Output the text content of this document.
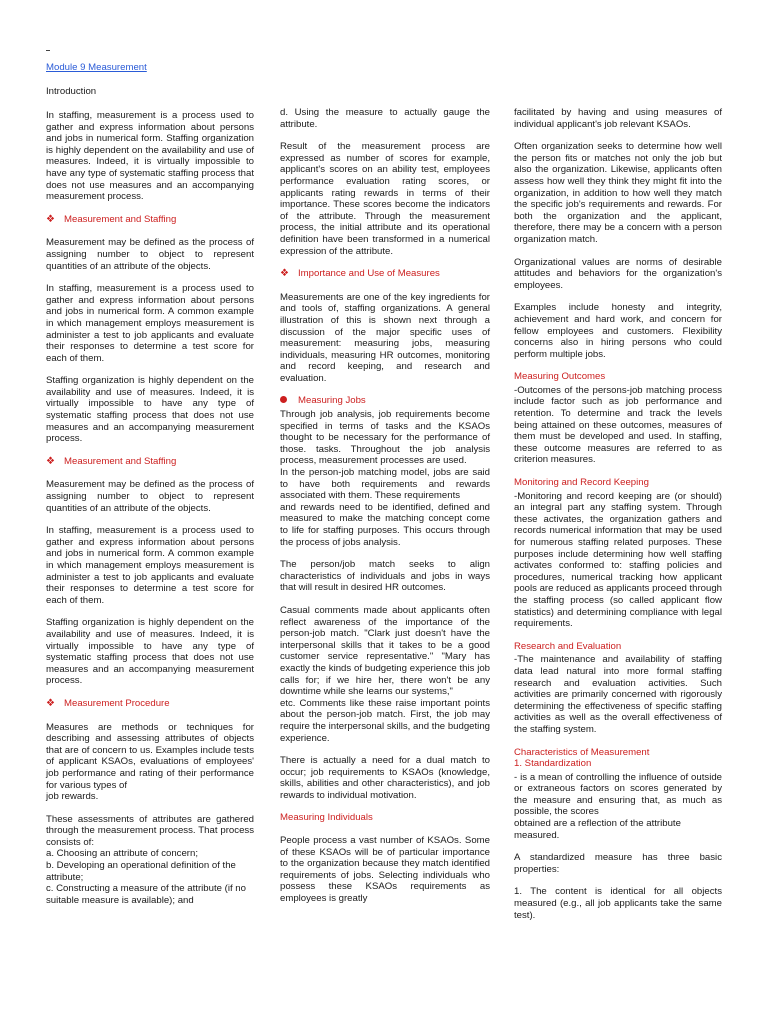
Module 9 Measurement
Introduction

In staffing, measurement is a process used to gather and express information about persons and jobs in numerical form. Staffing organization is highly dependent on the availability and use of measures. Indeed, it is virtually impossible to have any type of systematic staffing process that does not use measures and an accompanying measurement process.

❖ Measurement and Staffing

Measurement may be defined as the process of assigning number to object to represent quantities of an attribute of the objects.

In staffing, measurement is a process used to gather and express information about persons and jobs in numerical form. A common example in which management employs measurement is administer a test to job applicants and evaluate their responses to determine a test score for each of them.

Staffing organization is highly dependent on the availability and use of measures. Indeed, it is virtually impossible to have any type of systematic staffing process that does not use measures and an accompanying measurement process.

❖ Measurement and Staffing

Measurement may be defined as the process of assigning number to object to represent quantities of an attribute of the objects.

In staffing, measurement is a process used to gather and express information about persons and jobs in numerical form. A common example in which management employs measurement is administer a test to job applicants and evaluate their responses to determine a test score for each of them.

Staffing organization is highly dependent on the availability and use of measures. Indeed, it is virtually impossible to have any type of systematic staffing process that does not use measures and an accompanying measurement process.

❖ Measurement Procedure

Measures are methods or techniques for describing and assessing attributes of objects that are of concern to us. Examples include tests of applicant KSAOs, evaluations of employees' job performance and rating of their performance for various types of

job rewards.

These assessments of attributes are gathered through the measurement process. That process consists of:

a. Choosing an attribute of concern;

b. Developing an operational definition of the attribute;

c. Constructing a measure of the attribute (if no suitable measure is available); and

d. Using the measure to actually gauge the attribute.

Result of the measurement process are expressed as number of scores for example, applicant's scores on an ability test, employees performance evaluation rating scores, or applicants rating rewards in terms of their importance. These scores become the indicators of the attribute. Through the measurement process, the initial attribute and its operational definition have been transformed in a numerical expression of the attribute.

❖ Importance and Use of Measures

Measurements are one of the key ingredients for and tools of, staffing organizations. A general illustration of this is shown next through a discussion of the major specific uses of measurement: measuring jobs, measuring individuals, measuring HR outcomes, monitoring and record keeping, and research and evaluation.

Measuring Jobs

Through job analysis, job requirements become specified in terms of tasks and the KSAOs thought to be necessary for the performance of those. tasks. Throughout the job analysis process, measurement processes are used.

In the person-job matching model, jobs are said to have both requirements and rewards associated with them. These requirements

and rewards need to be identified, defined and measured to make the matching concept come to life for staffing purposes. This occurs through the process of jobs analysis.

The person/job match seeks to align characteristics of individuals and jobs in ways that will result in desired HR outcomes.

Casual comments made about applicants often reflect awareness of the importance of the person-job match. "Clark just doesn't have the interpersonal skills that it takes to be a good customer service representative." "Mary has exactly the kinds of budgeting experience this job calls for; if we hire her, there won't be any downtime while she learns our systems,"

etc. Comments like these raise important points about the person-job match. First, the job may require the interpersonal skills, and the budgeting experience.

There is actually a need for a dual match to occur; job requirements to KSAOs (knowledge, skills, abilities and other characteristics), and job rewards to individual motivation.

Measuring Individuals

People process a vast number of KSAOs. Some of these KSAOs will be of particular importance to the organization because they match identified requirements of jobs. Selecting individuals who possess these KSAOs requirements as employees is greatly

facilitated by having and using measures of individual applicant's job relevant KSAOs.

Often organization seeks to determine how well the person fits or matches not only the job but also the organization. Likewise, applicants often assess how well they think they might fit into the organization, in addition to how well they match the specific job's requirements and rewards. For both the organization and the applicant, therefore, there may be a concern with a person organization match.

Organizational values are norms of desirable attitudes and behaviors for the organization's employees.

Examples include honesty and integrity, achievement and hard work, and concern for fellow employees and customers. Flexibility concerns also in hiring persons who could perform multiple jobs.

Measuring Outcomes

-Outcomes of the persons-job matching process include factor such as job performance and retention. To determine and track the levels being attained on these outcomes, measures of them must be developed and used. In staffing, these outcome measures are referred to as criterion measures.

Monitoring and Record Keeping

-Monitoring and record keeping are (or should) an integral part any staffing system. Through these activates, the organization gathers and records numerical information that may be used for numerous staffing related purposes. These purposes include determining how well staffing activates conformed to: staffing policies and procedures, numerical tracking how applicant pools are reduced as applicants proceed through the staffing process (so called applicant flow statistics) and determining compliance with legal requirements.

Research and Evaluation

-The maintenance and availability of staffing data lead natural into more formal staffing research and evaluation activities. Such activities are primarily concerned with rigorously determining the effectiveness of specific staffing activities as well as the overall effectiveness of the staffing system.

Characteristics of Measurement
1. Standardization

- is a mean of controlling the influence of outside or extraneous factors on scores generated by the measure and ensuring that, as much as possible, the scores

obtained are a reflection of the attribute measured.

A standardized measure has three basic properties:

1. The content is identical for all objects measured (e.g., all job applicants take the same test).
